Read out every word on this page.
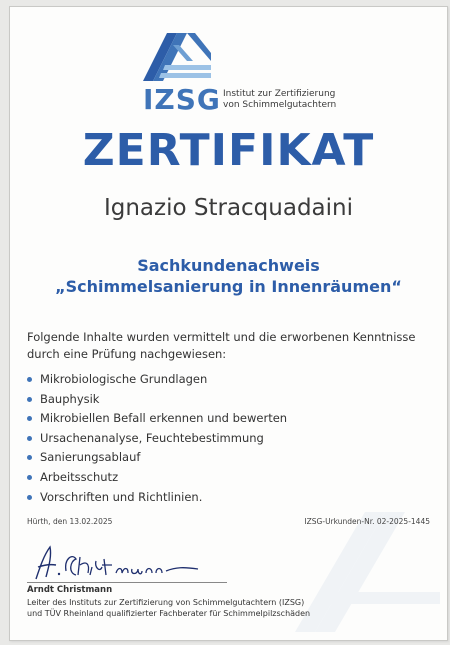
IZSG Institut zur Zertifizierung
von Schimmelgutachtern
ZERTIFIKAT
Ignazio Stracquadaini
Sachkundenachweis
„Schimmelsanierung in Innenräumen“
Folgende Inhalte wurden vermittelt und die erworbenen Kenntnisse
durch eine Prüfung nachgewiesen:
Mikrobiologische Grundlagen
Bauphysik
Mikrobiellen Befall erkennen und bewerten
Ursachenanalyse, Feuchtebestimmung
Sanierungsablauf
Arbeitsschutz
Vorschriften und Richtlinien.
Hürth, den 13.02.2025	IZSG-Urkunden-Nr. 02-2025-1445
Arndt Christmann
Leiter des Instituts zur Zertifizierung von Schimmelgutachtern (IZSG)
und TÜV Rheinland qualifizierter Fachberater für Schimmelpilzschäden
